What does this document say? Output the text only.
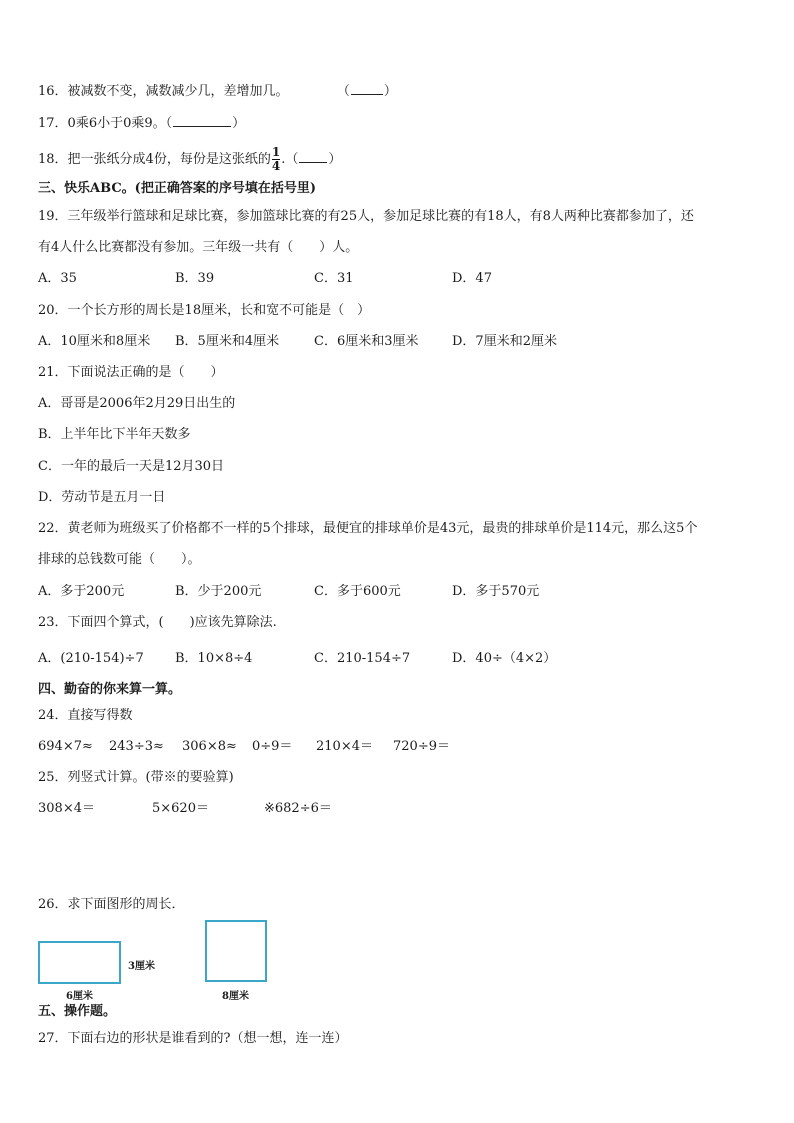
16．被减数不变，减数减少几，差增加几。	（	）
17．0乘6小于0乘9。（	）
18．把一张纸分成4份，每份是这张纸的 $\frac{1}{4}$ .（ ）
三、快乐ABC。(把正确答案的序号填在括号里)
19．三年级举行篮球和足球比赛，参加篮球比赛的有25人，参加足球比赛的有18人，有8人两种比赛都参加了，还
有4人什么比赛都没有参加。三年级一共有（　　）人。
A．35	B．39	C．31	D．47
20．一个长方形的周长是18厘米，长和宽不可能是（　）
A．10厘米和8厘米 B．5厘米和4厘米	C．6厘米和3厘米	D．7厘米和2厘米
21．下面说法正确的是（　　）
A．哥哥是2006年2月29日出生的
B．上半年比下半年天数多
C．一年的最后一天是12月30日
D．劳动节是五月一日
22．黄老师为班级买了价格都不一样的5个排球，最便宜的排球单价是43元，最贵的排球单价是114元，那么这5个
排球的总钱数可能（　　）。
A．多于200元	B．少于200元	C．多于600元	D．多于570元
23．下面四个算式，(　　)应该先算除法.
A．(210-154)÷7 B．10×8÷4	C．210-154÷7	D．40÷（4×2）
四、勤奋的你来算一算。
24．直接写得数
694×7≈ 243÷3≈ 306×8≈ 0÷9＝ 210×4＝ 720÷9＝
25．列竖式计算。(带※的要验算)
308×4＝	5×620＝	※682÷6＝
26．求下面图形的周长．
3厘米
6厘米	8厘米
五、操作题。
27．下面右边的形状是谁看到的?（想一想，连一连）
